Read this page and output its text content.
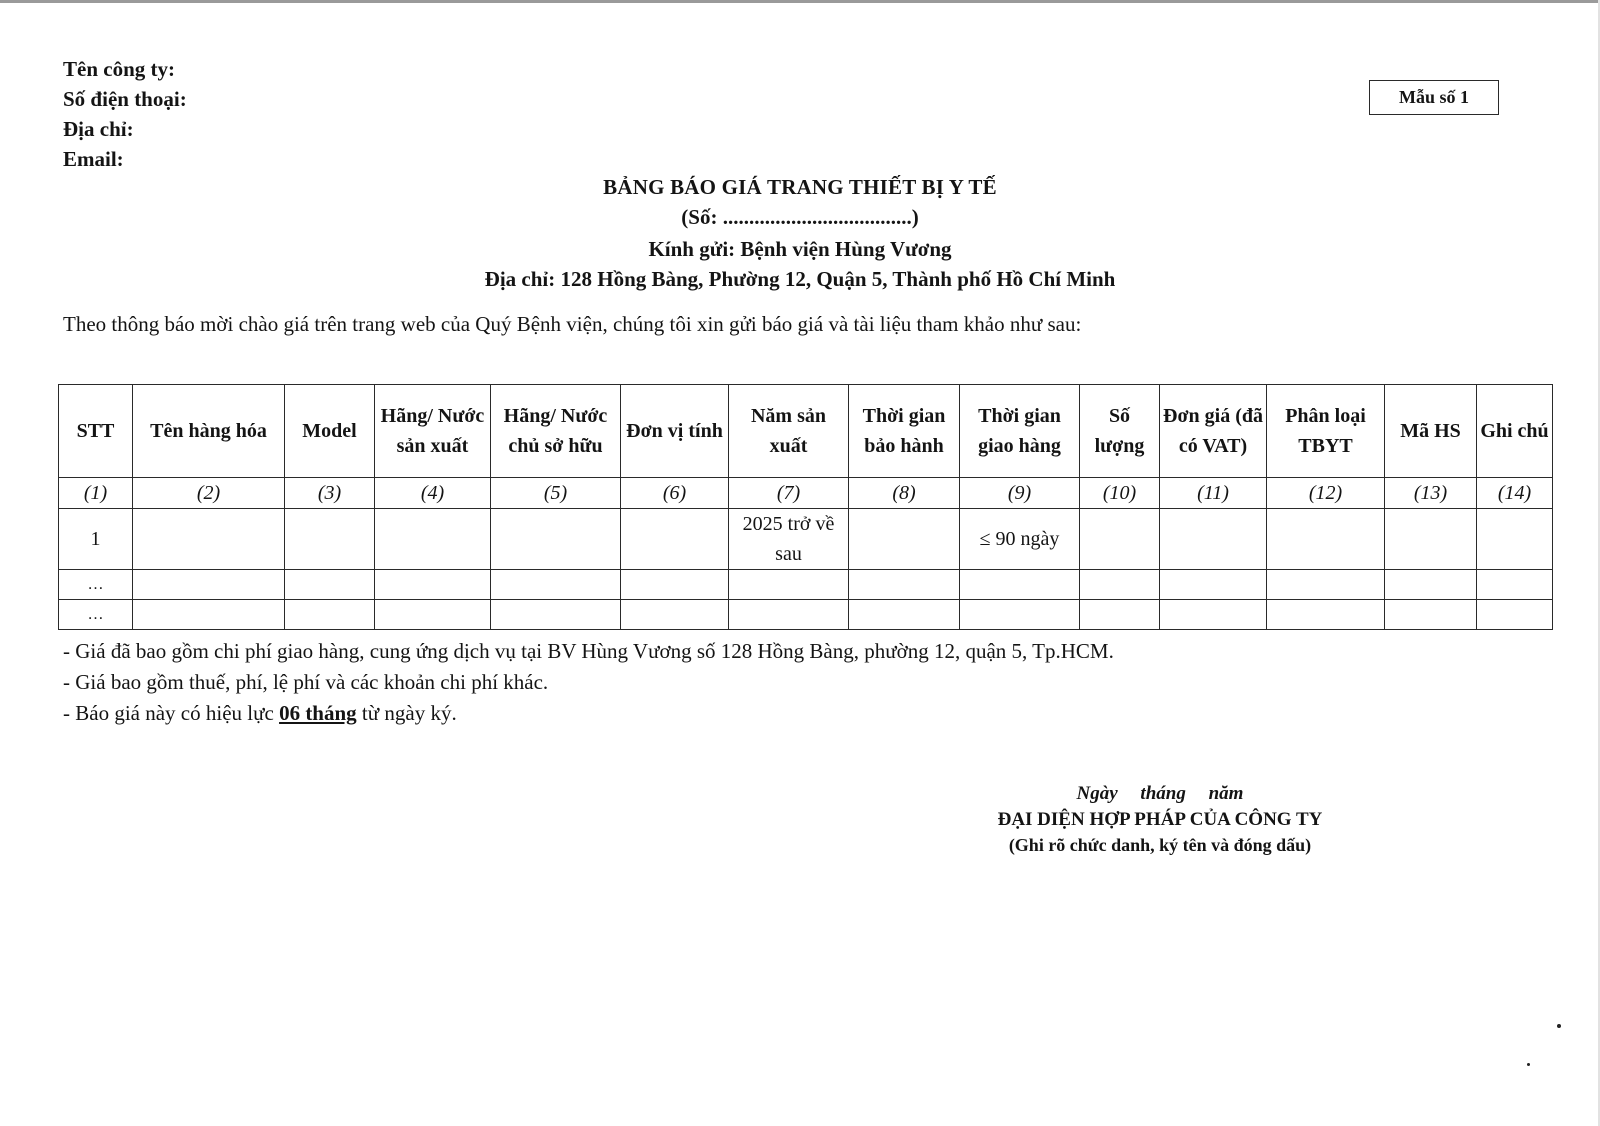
Tên công ty:

Số điện thoại:

Địa chỉ:

Email:

Mẫu số 1
BẢNG BÁO GIÁ TRANG THIẾT BỊ Y TẾ
(Số: ....................................)
Kính gửi: Bệnh viện Hùng Vương
Địa chỉ: 128 Hồng Bàng, Phường 12, Quận 5, Thành phố Hồ Chí Minh
Theo thông báo mời chào giá trên trang web của Quý Bệnh viện, chúng tôi xin gửi báo giá và tài liệu tham khảo như sau:
STT	Tên hàng hóa	Model	Hãng/ Nước sản xuất	Hãng/ Nước chủ sở hữu	Đơn vị tính	Năm sản xuất	Thời gian bảo hành	Thời gian giao hàng	Số lượng	Đơn giá (đã có VAT)	Phân loại TBYT	Mã HS	Ghi chú
(1)	(2)	(3)	(4)	(5)	(6)	(7)	(8)	(9)	(10)	(11)	(12)	(13)	(14)
1						2025 trở về sau		≤ 90 ngày					
…													
…													

- Giá đã bao gồm chi phí giao hàng, cung ứng dịch vụ tại BV Hùng Vương số 128 Hồng Bàng, phường 12, quận 5, Tp.HCM.

- Giá bao gồm thuế, phí, lệ phí và các khoản chi phí khác.

- Báo giá này có hiệu lực 06 tháng từ ngày ký.

Ngày tháng năm
ĐẠI DIỆN HỢP PHÁP CỦA CÔNG TY
(Ghi rõ chức danh, ký tên và đóng dấu)
